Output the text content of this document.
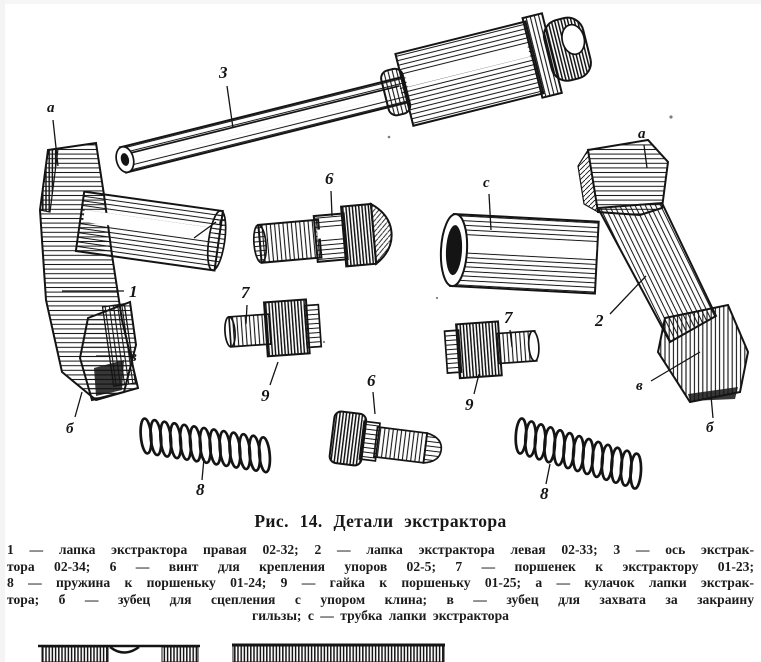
3
а
с
1
в
б
6
7
9
8
6
7
9
8
а
с
2
в
б
Рис. 14. Детали экстрактора
1 — лапка экстрактора правая 02-32; 2 — лапка экстрактора левая 02-33; 3 — ось экстрак-
тора 02-34; 6 — винт для крепления упоров 02-5; 7 — поршенек к экстрактору 01-23;
8 — пружина к поршеньку 01-24; 9 — гайка к поршеньку 01-25; а — кулачок лапки экстрак-
тора; б — зубец для сцепления с упором клина; в — зубец для захвата за закраину
гильзы; с — трубка лапки экстрактора
